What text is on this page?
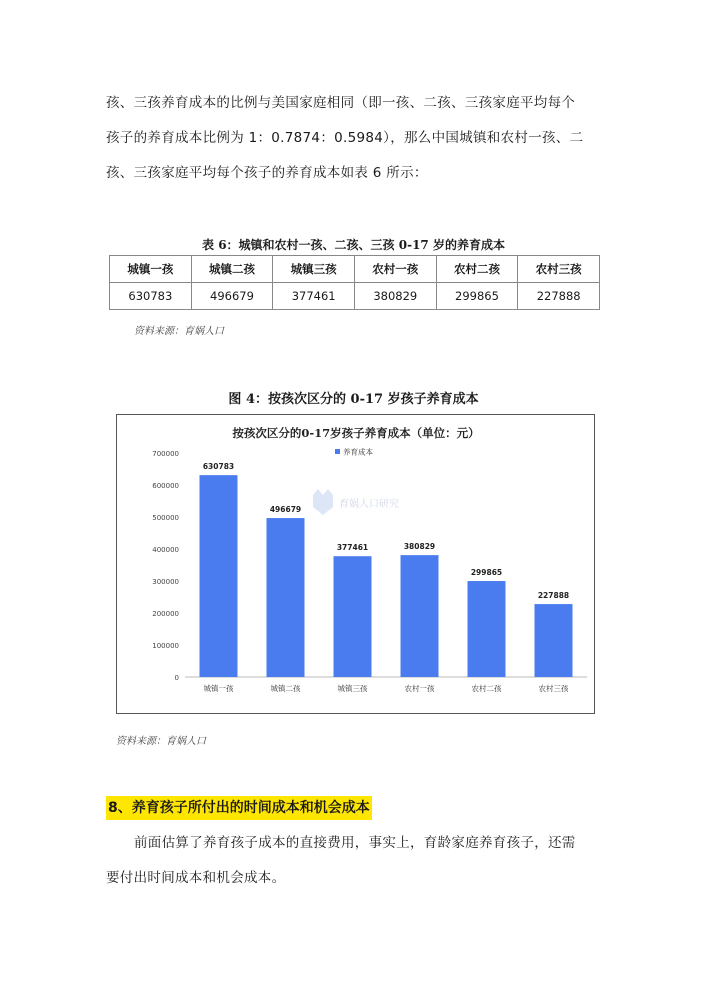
孩、三孩养育成本的比例与美国家庭相同（即一孩、二孩、三孩家庭平均每个
孩子的养育成本比例为 1：0.7874：0.5984），那么中国城镇和农村一孩、二
孩、三孩家庭平均每个孩子的养育成本如表 6 所示：
表 6：城镇和农村一孩、二孩、三孩 0-17 岁的养育成本
城镇一孩	城镇二孩	城镇三孩	农村一孩	农村二孩	农村三孩
630783	496679	377461	380829	299865	227888
资料来源：育娲人口
图 4：按孩次区分的 0-17 岁孩子养育成本
按孩次区分的0-17岁孩子养育成本（单位：元）
养育成本
育娲人口研究
0
100000
200000
300000
400000
500000
600000
700000
630783
城镇一孩
496679
城镇二孩
377461
城镇三孩
380829
农村一孩
299865
农村二孩
227888
农村三孩
资料来源：育娲人口
8、养育孩子所付出的时间成本和机会成本
前面估算了养育孩子成本的直接费用，事实上，育龄家庭养育孩子，还需
要付出时间成本和机会成本。
